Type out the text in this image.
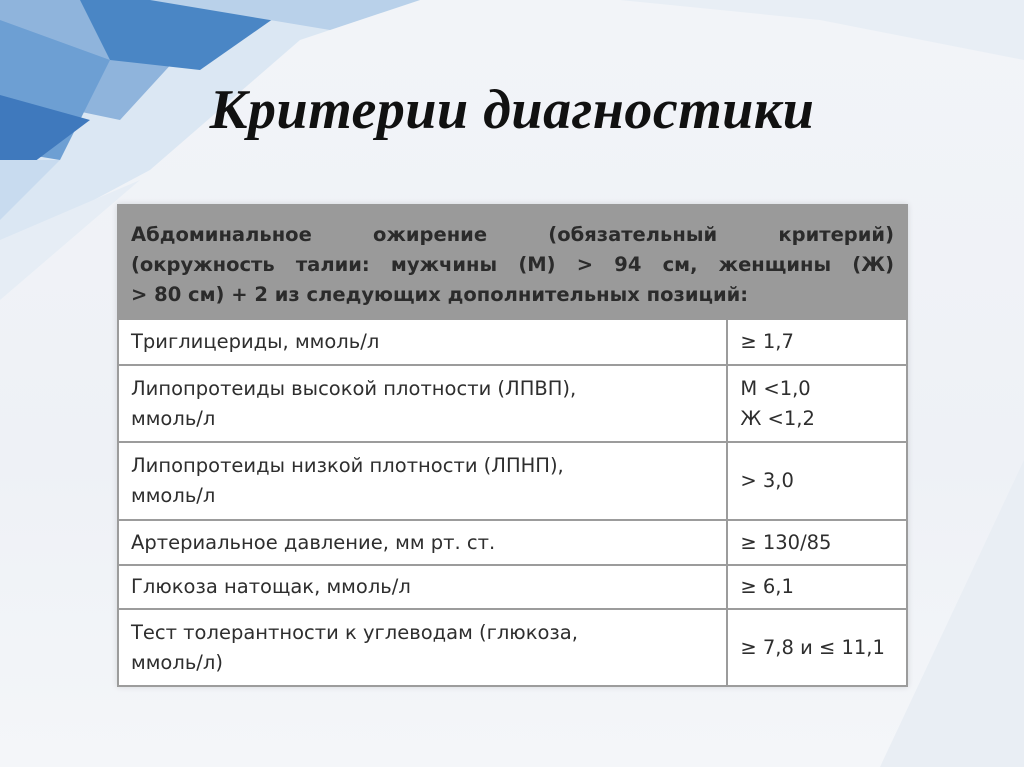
Критерии диагностики
Абдоминальное ожирение (обязательный критерий)
(окружность талии: мужчины (М) > 94 см, женщины (Ж)
> 80 см) + 2 из следующих дополнительных позиций:	

Триглицериды, ммоль/л	≥ 1,7

Липопротеиды высокой плотности (ЛПВП),
ммоль/л	М <1,0
Ж <1,2

Липопротеиды низкой плотности (ЛПНП),
ммоль/л	> 3,0

Артериальное давление, мм рт. ст.	≥ 130/85

Глюкоза натощак, ммоль/л	≥ 6,1

Тест толерантности к углеводам (глюкоза,
ммоль/л)	≥ 7,8 и ≤ 11,1
